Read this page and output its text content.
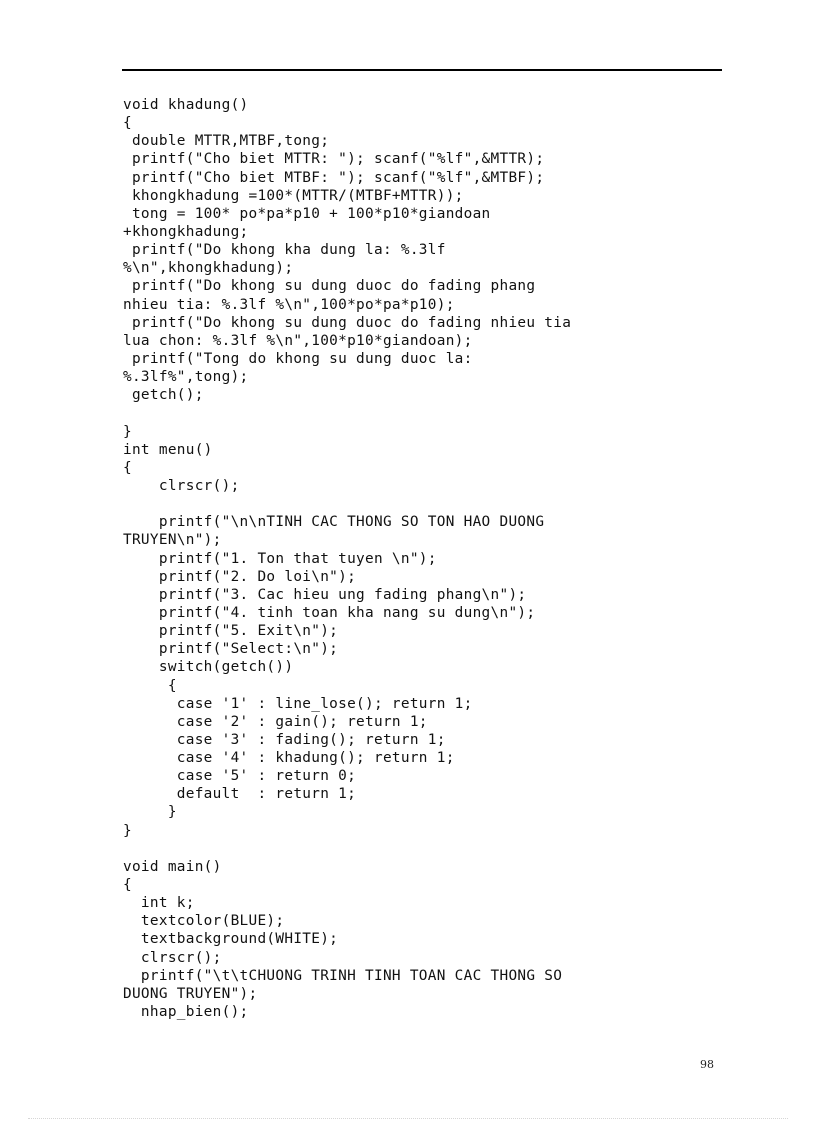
void khadung()
{
double MTTR,MTBF,tong;
printf("Cho biet MTTR: "); scanf("%lf",&MTTR);
printf("Cho biet MTBF: "); scanf("%lf",&MTBF);
khongkhadung =100*(MTTR/(MTBF+MTTR));
tong = 100* po*pa*p10 + 100*p10*giandoan
+khongkhadung;
printf("Do khong kha dung la: %.3lf
%\n",khongkhadung);
printf("Do khong su dung duoc do fading phang
nhieu tia: %.3lf %\n",100*po*pa*p10);
printf("Do khong su dung duoc do fading nhieu tia
lua chon: %.3lf %\n",100*p10*giandoan);
printf("Tong do khong su dung duoc la:
%.3lf%",tong);
getch();
}
int menu()
{
clrscr();
printf("\n\nTINH CAC THONG SO TON HAO DUONG
TRUYEN\n");
printf("1. Ton that tuyen \n");
printf("2. Do loi\n");
printf("3. Cac hieu ung fading phang\n");
printf("4. tinh toan kha nang su dung\n");
printf("5. Exit\n");
printf("Select:\n");
switch(getch())
{
case '1' : line_lose(); return 1;
case '2' : gain(); return 1;
case '3' : fading(); return 1;
case '4' : khadung(); return 1;
case '5' : return 0;
default  : return 1;
}
}
void main()
{
int k;
textcolor(BLUE);
textbackground(WHITE);
clrscr();
printf("\t\tCHUONG TRINH TINH TOAN CAC THONG SO
DUONG TRUYEN");
nhap_bien();
98
